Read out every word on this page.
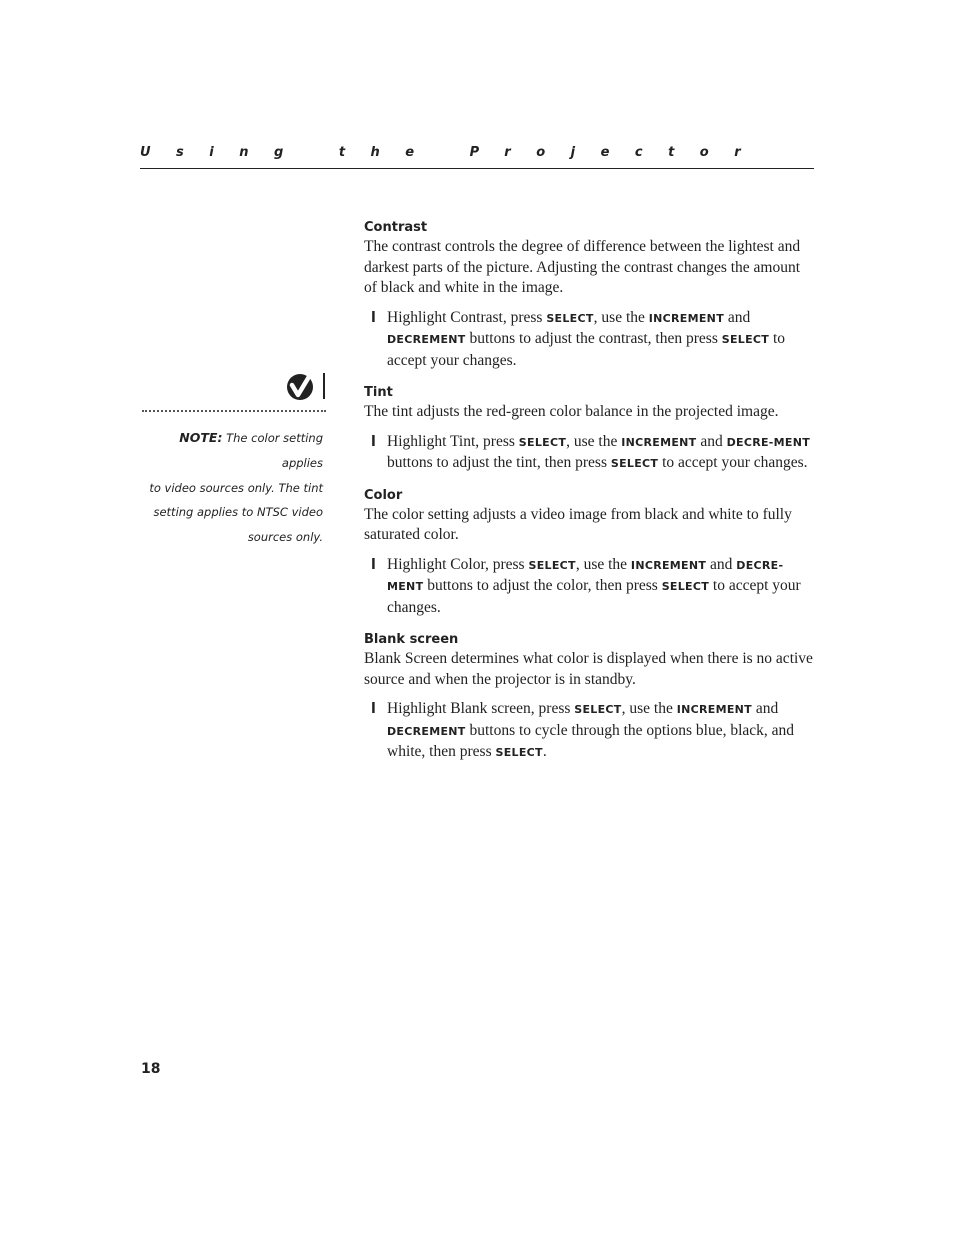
Using the Projector
NOTE: The color setting applies
to video sources only. The tint
setting applies to NTSC video
sources only.
Contrast

The contrast controls the degree of difference between the lightest and darkest parts of the picture. Adjusting the contrast changes the amount of black and white in the image.

l Highlight Contrast, press SELECT, use the INCREMENT and DECREMENT buttons to adjust the contrast, then press SELECT to accept your changes.

Tint

The tint adjusts the red-green color balance in the projected image.

l Highlight Tint, press SELECT, use the INCREMENT and DECRE-MENT buttons to adjust the tint, then press SELECT to accept your changes.

Color

The color setting adjusts a video image from black and white to fully saturated color.

l Highlight Color, press SELECT, use the INCREMENT and DECRE-MENT buttons to adjust the color, then press SELECT to accept your changes.

Blank screen

Blank Screen determines what color is displayed when there is no active source and when the projector is in standby.

l Highlight Blank screen, press SELECT, use the INCREMENT and DECREMENT buttons to cycle through the options blue, black, and white, then press SELECT.

18
